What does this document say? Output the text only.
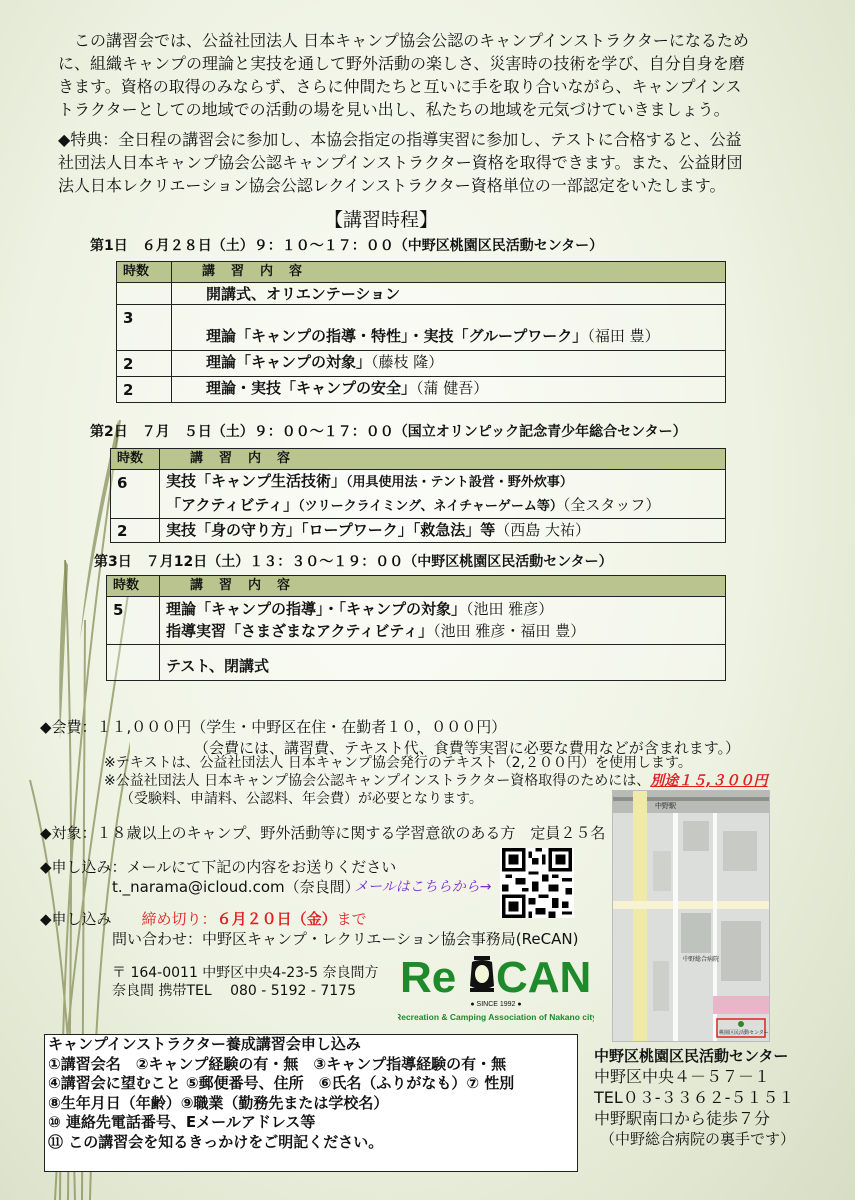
　この講習会では、公益社団法人 日本キャンプ協会公認のキャンプインストラクターになるため
に、組織キャンプの理論と実技を通して野外活動の楽しさ、災害時の技術を学び、自分自身を磨
きます。資格の取得のみならず、さらに仲間たちと互いに手を取り合いながら、キャンプインス
トラクターとしての地域での活動の場を見い出し、私たちの地域を元気づけていきましょう。
◆特典：全日程の講習会に参加し、本協会指定の指導実習に参加し、テストに合格すると、公益
社団法人日本キャンプ協会公認キャンプインストラクター資格を取得できます。また、公益財団
法人日本レクリエーション協会公認レクインストラクター資格単位の一部認定をいたします。
【講習時程】
第1日　６月２８日（土）９：１０～１７：００（中野区桃園区民活動センター）
時数	講習内容
	開講式、オリエンテーション
3	理論「キャンプの指導・特性」・実技「グループワーク」（福田 豊）
2	理論「キャンプの対象」（藤枝 隆）
2	理論・実技「キャンプの安全」（蒲 健吾）
第2日　７月　５日（土）９：００～１７：００（国立オリンピック記念青少年総合センター）
時数	講習内容
6	実技「キャンプ生活技術」（用具使用法・テント設営・野外炊事）
「アクティビティ」（ツリークライミング、ネイチャーゲーム等）（全スタッフ）

2	実技「身の守り方」「ロープワーク」「救急法」等（西島 大祐）
第3日　７月12日（土）１３：３０～１９：００（中野区桃園区民活動センター）
時数	講習内容
5	理論「キャンプの指導」・「キャンプの対象」（池田 雅彦）
指導実習「さまざまなアクティビティ」（池田 雅彦・福田 豊）

	テスト、閉講式
◆会費：１１,０００円（学生・中野区在住・在勤者１０，０００円）
（会費には、講習費、テキスト代、食費等実習に必要な費用などが含まれます。）
※テキストは、公益社団法人 日本キャンプ協会発行のテキスト（2,２００円）を使用します。
※公益社団法人 日本キャンプ協会公認キャンプインストラクター資格取得のためには、別途１５,３００円
（受験料、申請料、公認料、年会費）が必要となります。
◆対象：１８歳以上のキャンプ、野外活動等に関する学習意欲のある方　定員２５名
◆申し込み：メールにて下記の内容をお送りください
t._narama@icloud.com（奈良間）
メールはこちらから→
◆申し込み　　締め切り：６月２０日（金）まで
問い合わせ：中野区キャンプ・レクリエーション協会事務局(ReCAN)
〒 164-0011 中野区中央4-23-5 奈良間方
奈良間 携帯TEL　 080 - 5192 - 7175 Re CAN
● SINCE 1992 ●
Recreation & Camping Association of Nakano city
中野駅
桃園区民活動センター
中野総合病院
キャンプインストラクター養成講習会申し込み
①講習会名　②キャンプ経験の有・無　③キャンプ指導経験の有・無
④講習会に望むこと ⑤郵便番号、住所　⑥氏名（ふりがなも）⑦ 性別
⑧生年月日（年齢）⑨職業（勤務先または学校名）
⑩ 連絡先電話番号、Eメールアドレス等
⑪ この講習会を知るきっかけをご明記ください。
中野区桃園区民活動センター
中野区中央４－５７－１
TEL０３‐３３６２‐５１５１
中野駅南口から徒歩７分
（中野総合病院の裏手です）
